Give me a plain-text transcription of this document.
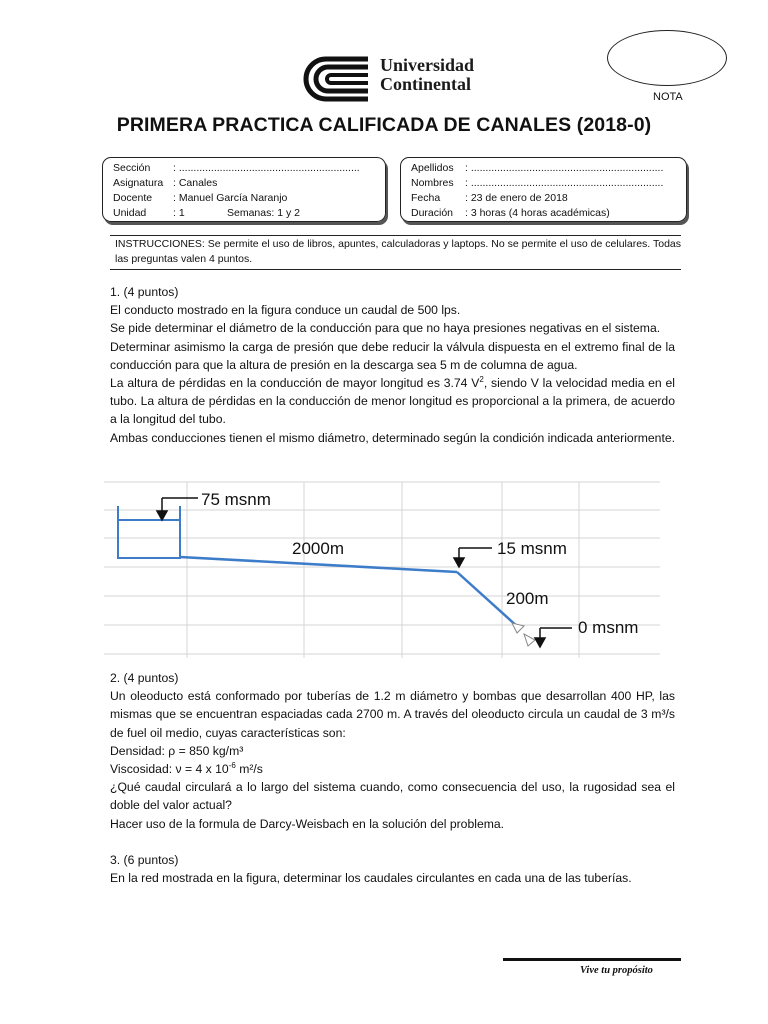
Universidad
Continental
NOTA
PRIMERA PRACTICA CALIFICADA DE CANALES (2018-0)
Sección : ..............................................................
Asignatura : Canales
Docente : Manuel García Naranjo
Unidad	: 1	Semanas: 1 y 2
Apellidos : ..................................................................
Nombres : ..................................................................
Fecha : 23 de enero de 2018
Duración : 3 horas (4 horas académicas)
INSTRUCCIONES: Se permite el uso de libros, apuntes, calculadoras y laptops. No se permite el uso de celulares. Todas las preguntas valen 4 puntos.

1. (4 puntos)

El conducto mostrado en la figura conduce un caudal de 500 lps.

Se pide determinar el diámetro de la conducción para que no haya presiones negativas en el sistema.

Determinar asimismo la carga de presión que debe reducir la válvula dispuesta en el extremo final de la conducción para que la altura de presión en la descarga sea 5 m de columna de agua.

La altura de pérdidas en la conducción de mayor longitud es 3.74 $V^2$, siendo V la velocidad media en el tubo. La altura de pérdidas en la conducción de menor longitud es proporcional a la primera, de acuerdo a la longitud del tubo.

Ambas conducciones tienen el mismo diámetro, determinado según la condición indicada anteriormente.

75 msnm
2000m	15 msnm
200m
0 msnm

2. (4 puntos)

Un oleoducto está conformado por tuberías de 1.2 m diámetro y bombas que desarrollan 400 HP, las mismas que se encuentran espaciadas cada 2700 m. A través del oleoducto circula un caudal de 3 m³/s de fuel oil medio, cuyas características son:

Densidad: ρ = 850 kg/m³

Viscosidad: ν = 4 x $10^{-6}$ m²/s

¿Qué caudal circulará a lo largo del sistema cuando, como consecuencia del uso, la rugosidad sea el doble del valor actual?

Hacer uso de la formula de Darcy-Weisbach en la solución del problema.

3. (6 puntos)

En la red mostrada en la figura, determinar los caudales circulantes en cada una de las tuberías.

Vive tu propósito
